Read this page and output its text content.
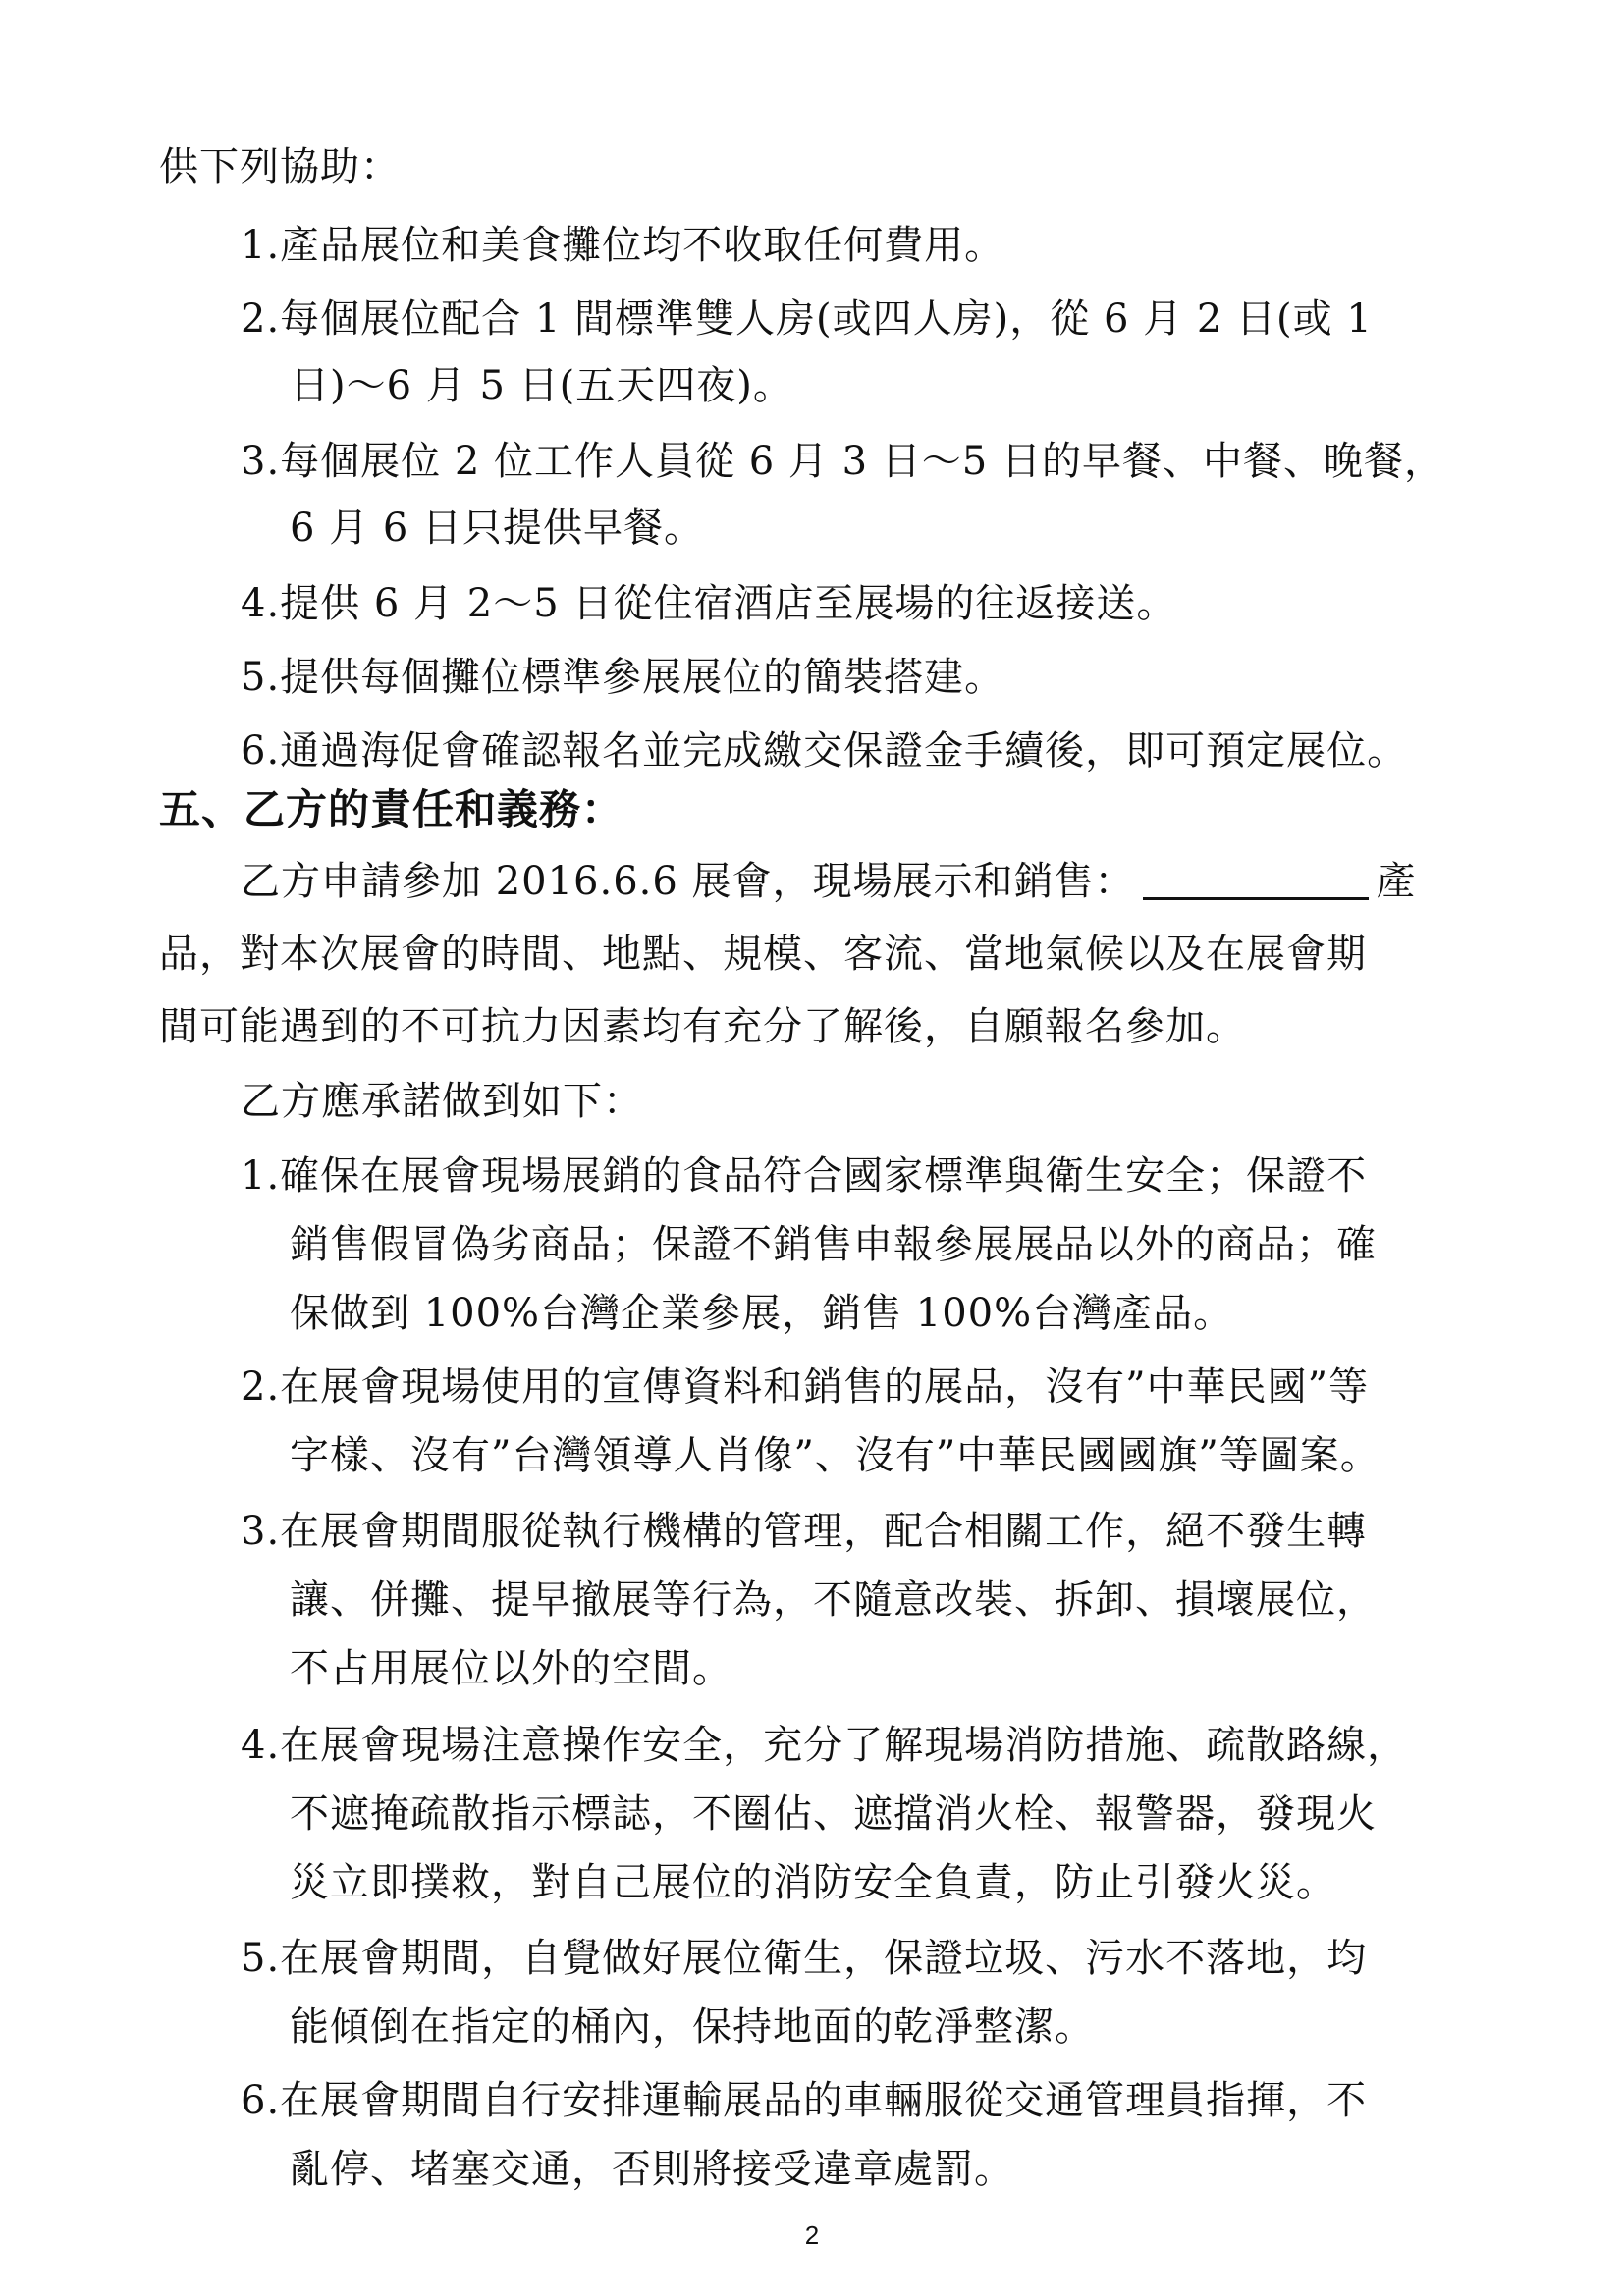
供下列協助：
1.產品展位和美食攤位均不收取任何費用。
2.每個展位配合 1 間標準雙人房(或四人房)，從 6 月 2 日(或 1
日)～6 月 5 日(五天四夜)。
3.每個展位 2 位工作人員從 6 月 3 日～5 日的早餐、中餐、晚餐，
6 月 6 日只提供早餐。
4.提供 6 月 2～5 日從住宿酒店至展場的往返接送。
5.提供每個攤位標準參展展位的簡裝搭建。
6.通過海促會確認報名並完成繳交保證金手續後，即可預定展位。
五、乙方的責任和義務：
乙方申請參加 2016.6.6 展會，現場展示和銷售：	產
品，對本次展會的時間、地點、規模、客流、當地氣候以及在展會期
間可能遇到的不可抗力因素均有充分了解後，自願報名參加。
乙方應承諾做到如下：
1.確保在展會現場展銷的食品符合國家標準與衛生安全；保證不
銷售假冒偽劣商品；保證不銷售申報參展展品以外的商品；確
保做到 100%台灣企業參展，銷售 100%台灣產品。
2.在展會現場使用的宣傳資料和銷售的展品，沒有”中華民國”等
字樣、沒有”台灣領導人肖像”、沒有”中華民國國旗”等圖案。
3.在展會期間服從執行機構的管理，配合相關工作，絕不發生轉
讓、併攤、提早撤展等行為，不隨意改裝、拆卸、損壞展位，
不占用展位以外的空間。
4.在展會現場注意操作安全，充分了解現場消防措施、疏散路線，
不遮掩疏散指示標誌，不圈佔、遮擋消火栓、報警器，發現火
災立即撲救，對自己展位的消防安全負責，防止引發火災。
5.在展會期間，自覺做好展位衛生，保證垃圾、污水不落地，均
能傾倒在指定的桶內，保持地面的乾淨整潔。
6.在展會期間自行安排運輸展品的車輛服從交通管理員指揮，不
亂停、堵塞交通，否則將接受違章處罰。
2
